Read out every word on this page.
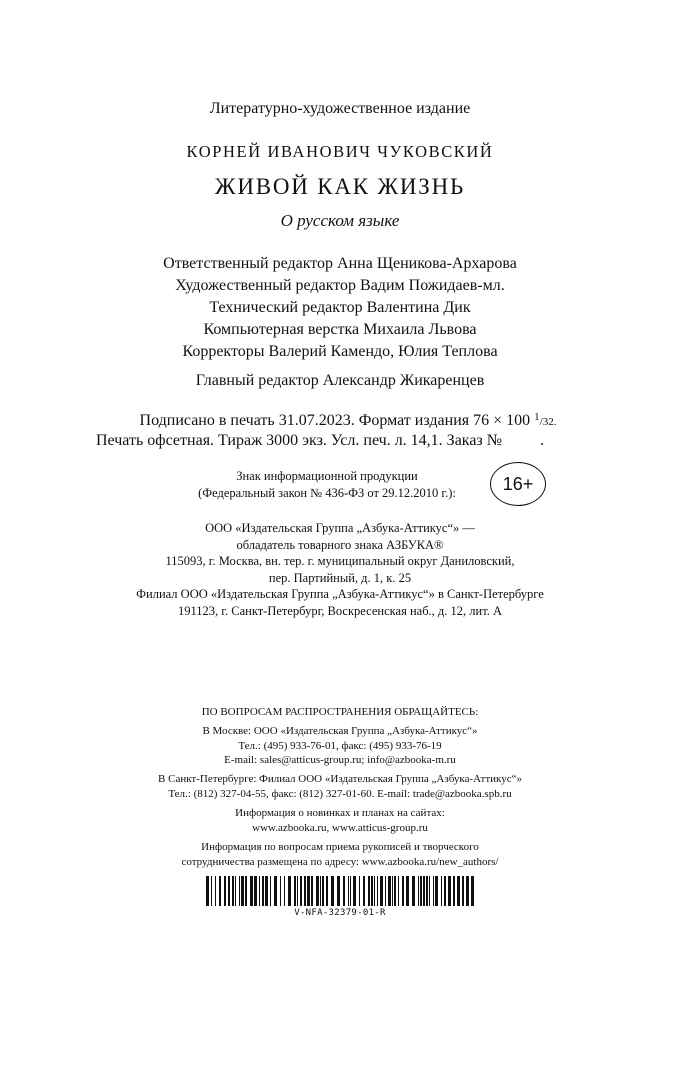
Литературно-художественное издание
КОРНЕЙ ИВАНОВИЧ ЧУКОВСКИЙ
ЖИВОЙ КАК ЖИЗНЬ
О русском языке
Ответственный редактор Анна Щеникова-Архарова
Художественный редактор Вадим Пожидаев-мл.
Технический редактор Валентина Дик
Компьютерная верстка Михаила Львова
Корректоры Валерий Камендо, Юлия Теплова
Главный редактор Александр Жикаренцев
Подписано в печать 31.07.2023. Формат издания 76 × 100 $^1$/32.
Печать офсетная. Тираж 3000 экз. Усл. печ. л. 14,1. Заказ № .
Знак информационной продукции
(Федеральный закон № 436-ФЗ от 29.12.2010 г.):	16+
ООО «Издательская Группа „Азбука-Аттикус“» —
обладатель товарного знака АЗБУКА®
115093, г. Москва, вн. тер. г. муниципальный округ Даниловский,
пер. Партийный, д. 1, к. 25
Филиал ООО «Издательская Группа „Азбука-Аттикус“» в Санкт-Петербурге
191123, г. Санкт-Петербург, Воскресенская наб., д. 12, лит. А
ПО ВОПРОСАМ РАСПРОСТРАНЕНИЯ ОБРАЩАЙТЕСЬ:
В Москве: ООО «Издательская Группа „Азбука-Аттикус“»
Тел.: (495) 933-76-01, факс: (495) 933-76-19
E-mail: sales@atticus-group.ru; info@azbooka-m.ru
В Санкт-Петербурге: Филиал ООО «Издательская Группа „Азбука-Аттикус“»
Тел.: (812) 327-04-55, факс: (812) 327-01-60. E-mail: trade@azbooka.spb.ru
Информация о новинках и планах на сайтах:
www.azbooka.ru, www.atticus-group.ru
Информация по вопросам приема рукописей и творческого
сотрудничества размещена по адресу: www.azbooka.ru/new_authors/
V-NFA-32379-01-R
